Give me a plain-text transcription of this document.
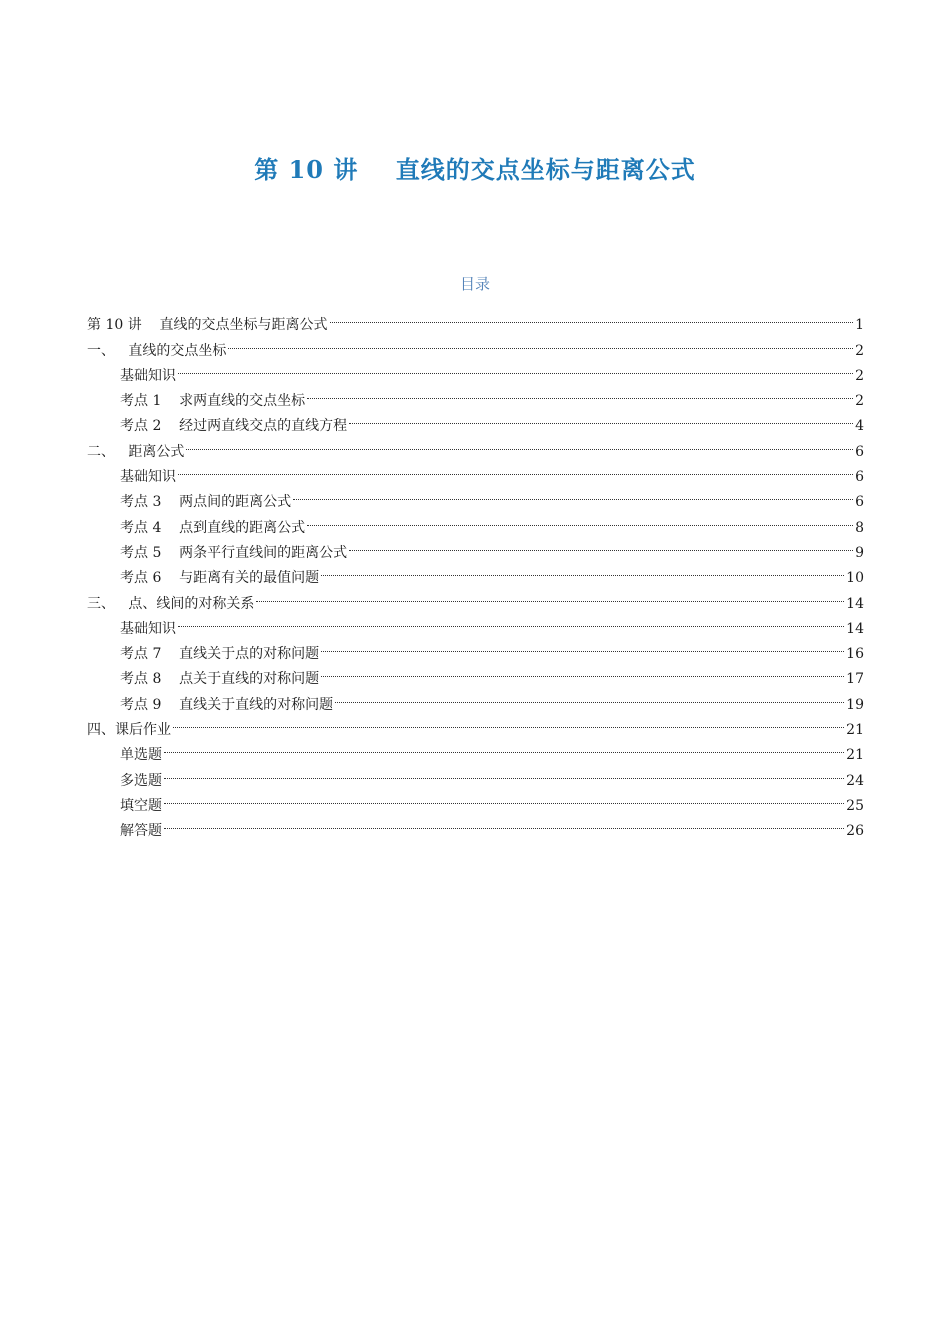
第 10 讲    直线的交点坐标与距离公式
目录
第 10 讲    直线的交点坐标与距离公式	1
一、   直线的交点坐标	2
基础知识	2
考点 1    求两直线的交点坐标	2
考点 2    经过两直线交点的直线方程	4
二、   距离公式	6
基础知识	6
考点 3    两点间的距离公式	6
考点 4    点到直线的距离公式	8
考点 5    两条平行直线间的距离公式	9
考点 6    与距离有关的最值问题	10
三、   点、线间的对称关系	14
基础知识	14
考点 7    直线关于点的对称问题	16
考点 8    点关于直线的对称问题	17
考点 9    直线关于直线的对称问题	19
四、课后作业	21
单选题	21
多选题	24
填空题	25
解答题	26
